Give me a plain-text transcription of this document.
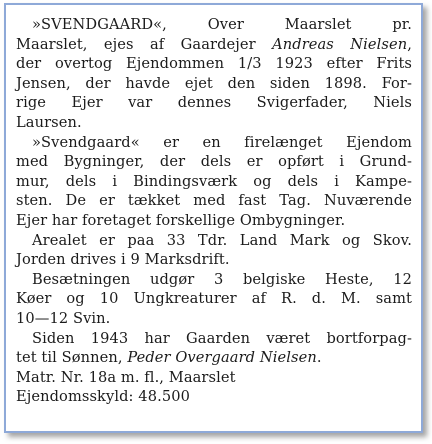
»SVENDGAARD«, Over Maarslet pr.
Maarslet, ejes af Gaardejer Andreas Nielsen,
der overtog Ejendommen 1/3 1923 efter Frits
Jensen, der havde ejet den siden 1898. For-
rige Ejer var dennes Svigerfader, Niels
Laursen.
»Svendgaard« er en firelænget Ejendom
med Bygninger, der dels er opført i Grund-
mur, dels i Bindingsværk og dels i Kampe-
sten. De er tækket med fast Tag. Nuværende
Ejer har foretaget forskellige Ombygninger.
Arealet er paa 33 Tdr. Land Mark og Skov.
Jorden drives i 9 Marksdrift.
Besætningen udgør 3 belgiske Heste, 12
Køer og 10 Ungkreaturer af R. d. M. samt
10—12 Svin.
Siden 1943 har Gaarden været bortforpag-
tet til Sønnen, Peder Overgaard Nielsen.
Matr. Nr. 18a m. fl., Maarslet
Ejendomsskyld: 48.500
